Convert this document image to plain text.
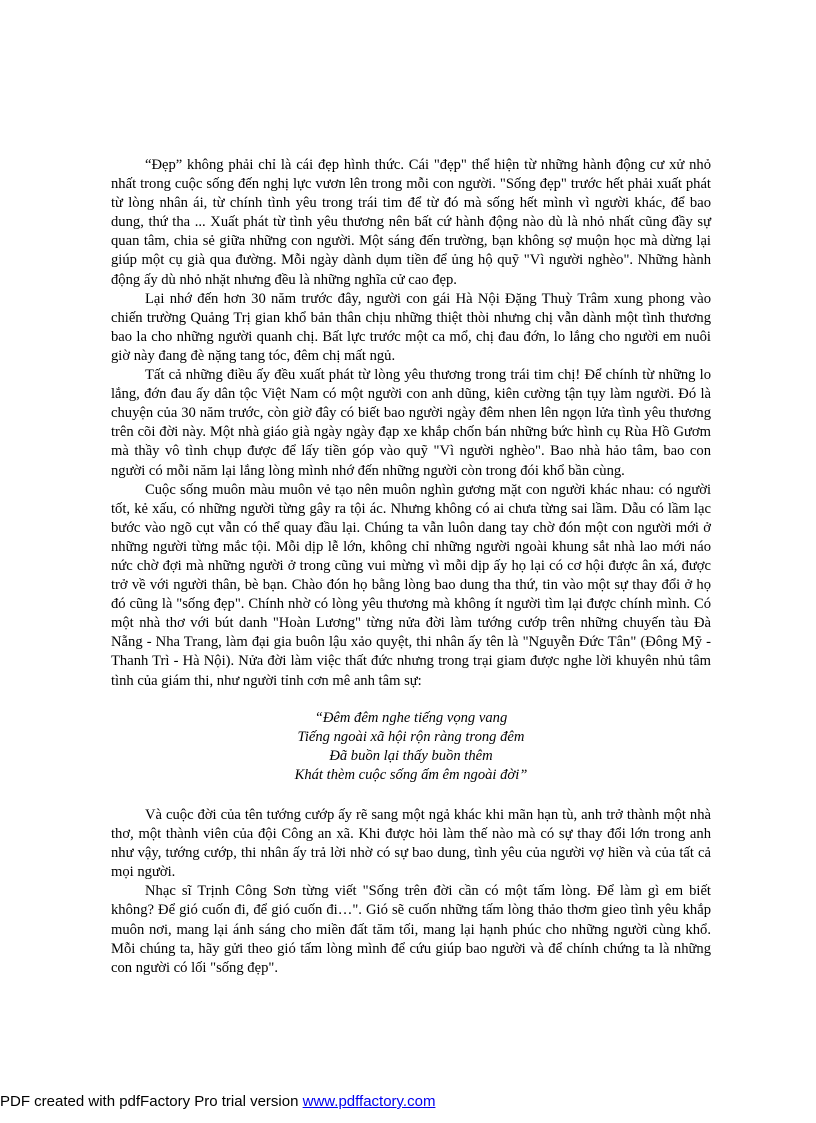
“Đẹp” không phải chỉ là cái đẹp hình thức. Cái "đẹp" thể hiện từ những hành động cư xử nhỏ nhất trong cuộc sống đến nghị lực vươn lên trong mỗi con người. "Sống đẹp" trước hết phải xuất phát từ lòng nhân ái, từ chính tình yêu trong trái tim để từ đó mà sống hết mình vì người khác, để bao dung, thứ tha ... Xuất phát từ tình yêu thương nên bất cứ hành động nào dù là nhỏ nhất cũng đầy sự quan tâm, chia sẻ giữa những con người. Một sáng đến trường, bạn không sợ muộn học mà dừng lại giúp một cụ già qua đường. Mỗi ngày dành dụm tiền để ủng hộ quỹ "Vì người nghèo". Những hành động ấy dù nhỏ nhặt nhưng đều là những nghĩa cử cao đẹp.

Lại nhớ đến hơn 30 năm trước đây, người con gái Hà Nội Đặng Thuỳ Trâm xung phong vào chiến trường Quảng Trị gian khổ bản thân chịu những thiệt thòi nhưng chị vẫn dành một tình thương bao la cho những người quanh chị. Bất lực trước một ca mổ, chị đau đớn, lo lắng cho người em nuôi giờ này đang đè nặng tang tóc, đêm chị mất ngủ.

Tất cả những điều ấy đều xuất phát từ lòng yêu thương trong trái tim chị! Để chính từ những lo lắng, đớn đau ấy dân tộc Việt Nam có một người con anh dũng, kiên cường tận tụy làm người. Đó là chuyện của 30 năm trước, còn giờ đây có biết bao người ngày đêm nhen lên ngọn lửa tình yêu thương trên cõi đời này. Một nhà giáo già ngày ngày đạp xe khắp chốn bán những bức hình cụ Rùa Hồ Gươm mà thầy vô tình chụp được để lấy tiền góp vào quỹ "Vì người nghèo". Bao nhà hảo tâm, bao con người có mỗi năm lại lắng lòng mình nhớ đến những người còn trong đói khổ bần cùng.

Cuộc sống muôn màu muôn vẻ tạo nên muôn nghìn gương mặt con người khác nhau: có người tốt, kẻ xấu, có những người từng gây ra tội ác. Nhưng không có ai chưa từng sai lầm. Dẫu có lầm lạc bước vào ngõ cụt vẫn có thể quay đầu lại. Chúng ta vẫn luôn dang tay chờ đón một con người mới ở những người từng mắc tội. Mỗi dịp lễ lớn, không chỉ những người ngoài khung sắt nhà lao mới náo nức chờ đợi mà những người ở trong cũng vui mừng vì mỗi dịp ấy họ lại có cơ hội được ân xá, được trở về với người thân, bè bạn. Chào đón họ bằng lòng bao dung tha thứ, tin vào một sự thay đổi ở họ đó cũng là "sống đẹp". Chính nhờ có lòng yêu thương mà không ít người tìm lại được chính mình. Có một nhà thơ với bút danh "Hoàn Lương" từng nửa đời làm tướng cướp trên những chuyến tàu Đà Nẵng - Nha Trang, làm đại gia buôn lậu xảo quyệt, thi nhân ấy tên là "Nguyễn Đức Tân" (Đông Mỹ - Thanh Trì - Hà Nội). Nửa đời làm việc thất đức nhưng trong trại giam được nghe lời khuyên nhủ tâm tình của giám thi, như người tỉnh cơn mê anh tâm sự:

“Đêm đêm nghe tiếng vọng vang
Tiếng ngoài xã hội rộn ràng trong đêm
Đã buồn lại thấy buồn thêm
Khát thèm cuộc sống ấm êm ngoài đời”

Và cuộc đời của tên tướng cướp ấy rẽ sang một ngả khác khi mãn hạn tù, anh trở thành một nhà thơ, một thành viên của đội Công an xã. Khi được hỏi làm thế nào mà có sự thay đổi lớn trong anh như vậy, tướng cướp, thi nhân ấy trả lời nhờ có sự bao dung, tình yêu của người vợ hiền và của tất cả mọi người.

Nhạc sĩ Trịnh Công Sơn từng viết "Sống trên đời cần có một tấm lòng. Để làm gì em biết không? Để gió cuốn đi, để gió cuốn đi…". Gió sẽ cuốn những tấm lòng thảo thơm gieo tình yêu khắp muôn nơi, mang lại ánh sáng cho miền đất tăm tối, mang lại hạnh phúc cho những người cùng khổ. Mỗi chúng ta, hãy gửi theo gió tấm lòng mình để cứu giúp bao người và để chính chứng ta là những con người có lối "sống đẹp".

PDF created with pdfFactory Pro trial version www.pdffactory.com
